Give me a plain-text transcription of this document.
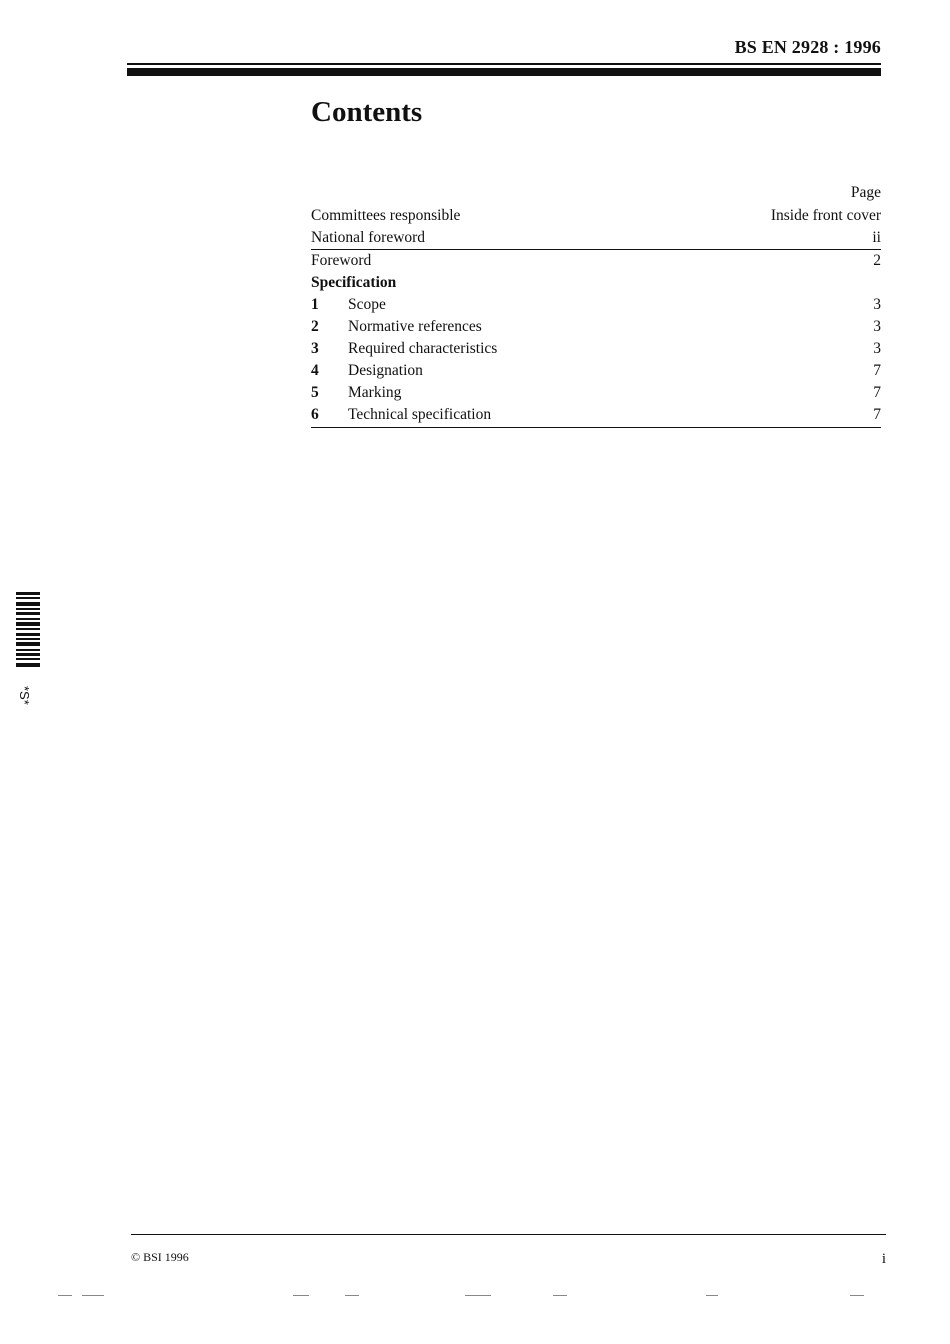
BS EN 2928 : 1996
Contents
Page
Committees responsible	Inside front cover
National foreword	ii
Foreword	2
Specification
1	Scope	3
2	Normative references	3
3	Required characteristics	3
4	Designation	7
5	Marking	7
6	Technical specification	7
*S*
© BSI 1996	i
